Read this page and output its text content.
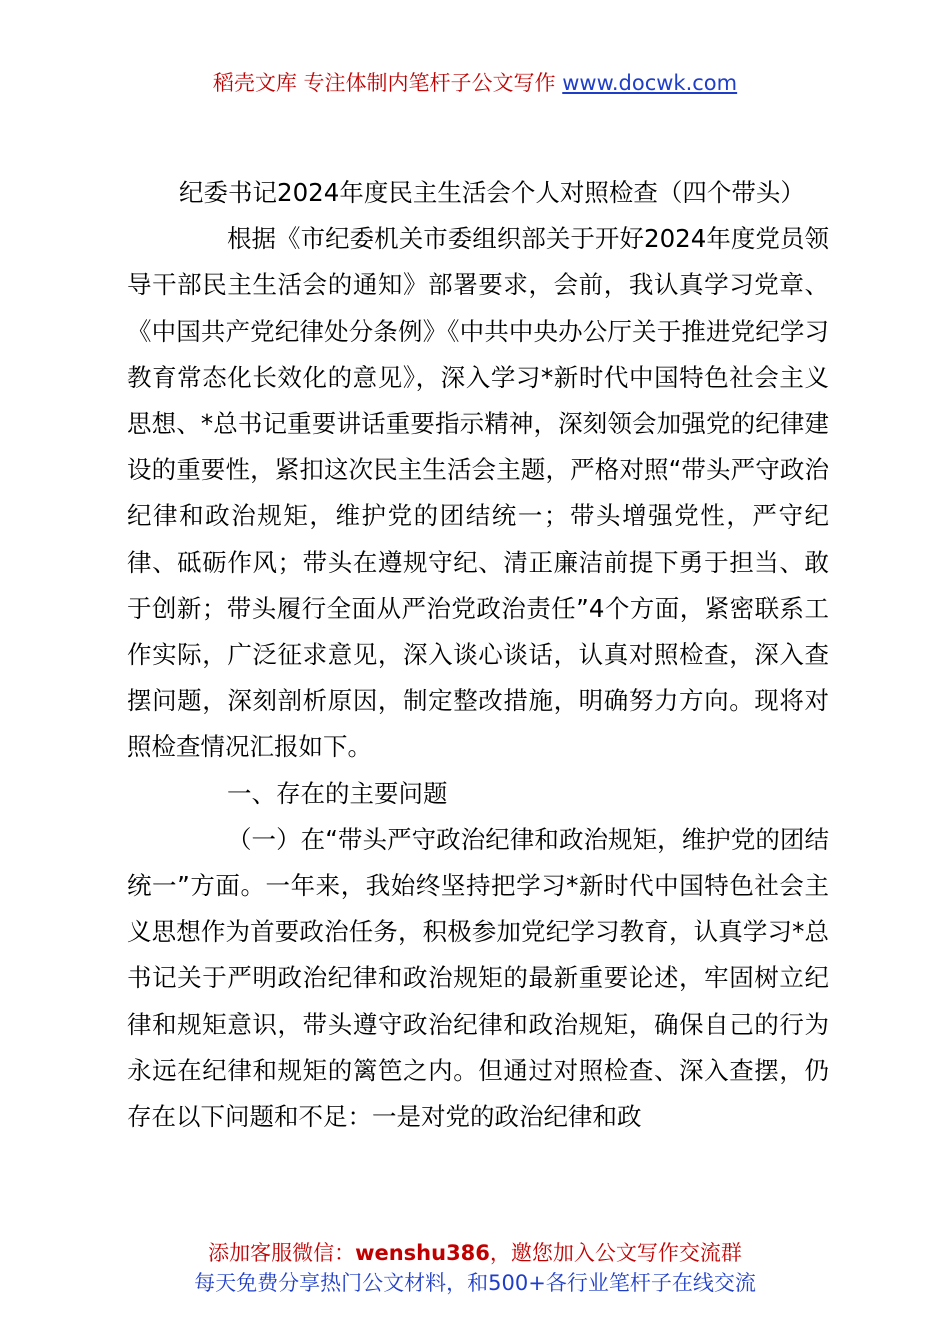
稻壳文库 专注体制内笔杆子公文写作 www.docwk.com

纪委书记2024年度民主生活会个人对照检查（四个带头）

根据《市纪委机关市委组织部关于开好2024年度党员领导干部民主生活会的通知》部署要求，会前，我认真学习党章、《中国共产党纪律处分条例》《中共中央办公厅关于推进党纪学习教育常态化长效化的意见》，深入学习*新时代中国特色社会主义思想、*总书记重要讲话重要指示精神，深刻领会加强党的纪律建设的重要性，紧扣这次民主生活会主题，严格对照“带头严守政治纪律和政治规矩，维护党的团结统一；带头增强党性，严守纪律、砥砺作风；带头在遵规守纪、清正廉洁前提下勇于担当、敢于创新；带头履行全面从严治党政治责任”4个方面，紧密联系工作实际，广泛征求意见，深入谈心谈话，认真对照检查，深入查摆问题，深刻剖析原因，制定整改措施，明确努力方向。现将对照检查情况汇报如下。

一、存在的主要问题

（一）在“带头严守政治纪律和政治规矩，维护党的团结统一”方面。一年来，我始终坚持把学习*新时代中国特色社会主义思想作为首要政治任务，积极参加党纪学习教育，认真学习*总书记关于严明政治纪律和政治规矩的最新重要论述，牢固树立纪律和规矩意识，带头遵守政治纪律和政治规矩，确保自己的行为永远在纪律和规矩的篱笆之内。但通过对照检查、深入查摆，仍存在以下问题和不足：一是对党的政治纪律和政

添加客服微信：wenshu386，邀您加入公文写作交流群
每天免费分享热门公文材料，和500+各行业笔杆子在线交流
